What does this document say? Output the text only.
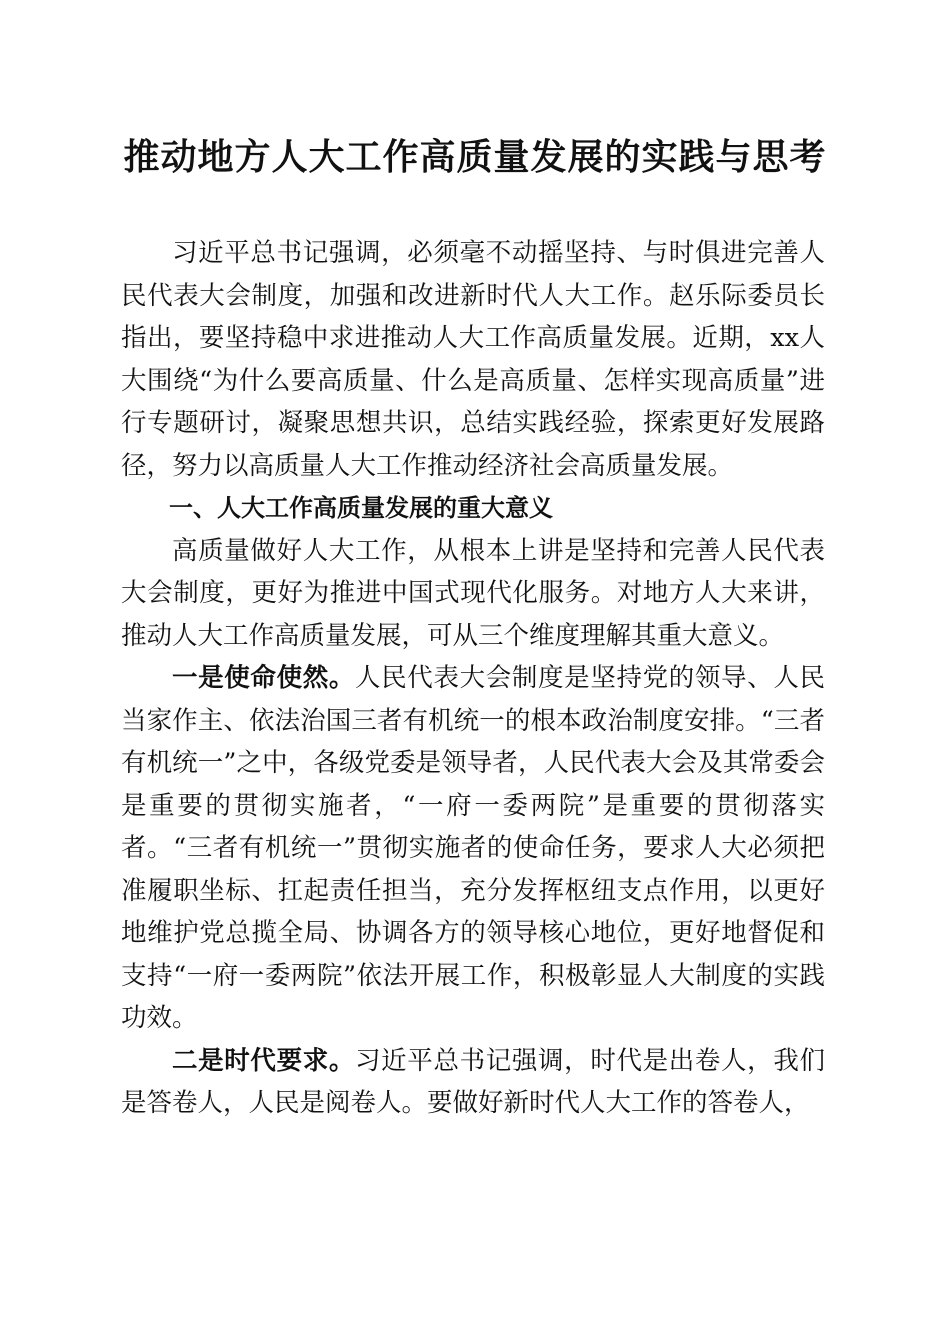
推动地方人大工作高质量发展的实践与思考

习近平总书记强调，必须毫不动摇坚持、与时俱进完善人民代表大会制度，加强和改进新时代人大工作。赵乐际委员长指出，要坚持稳中求进推动人大工作高质量发展。近期，xx人大围绕“为什么要高质量、什么是高质量、怎样实现高质量”进行专题研讨，凝聚思想共识，总结实践经验，探索更好发展路径，努力以高质量人大工作推动经济社会高质量发展。

一、人大工作高质量发展的重大意义

高质量做好人大工作，从根本上讲是坚持和完善人民代表大会制度，更好为推进中国式现代化服务。对地方人大来讲，推动人大工作高质量发展，可从三个维度理解其重大意义。

一是使命使然。人民代表大会制度是坚持党的领导、人民当家作主、依法治国三者有机统一的根本政治制度安排。“三者有机统一”之中，各级党委是领导者，人民代表大会及其常委会是重要的贯彻实施者，“一府一委两院”是重要的贯彻落实者。“三者有机统一”贯彻实施者的使命任务，要求人大必须把准履职坐标、扛起责任担当，充分发挥枢纽支点作用，以更好地维护党总揽全局、协调各方的领导核心地位，更好地督促和支持“一府一委两院”依法开展工作，积极彰显人大制度的实践功效。

二是时代要求。习近平总书记强调，时代是出卷人，我们是答卷人，人民是阅卷人。要做好新时代人大工作的答卷人，
